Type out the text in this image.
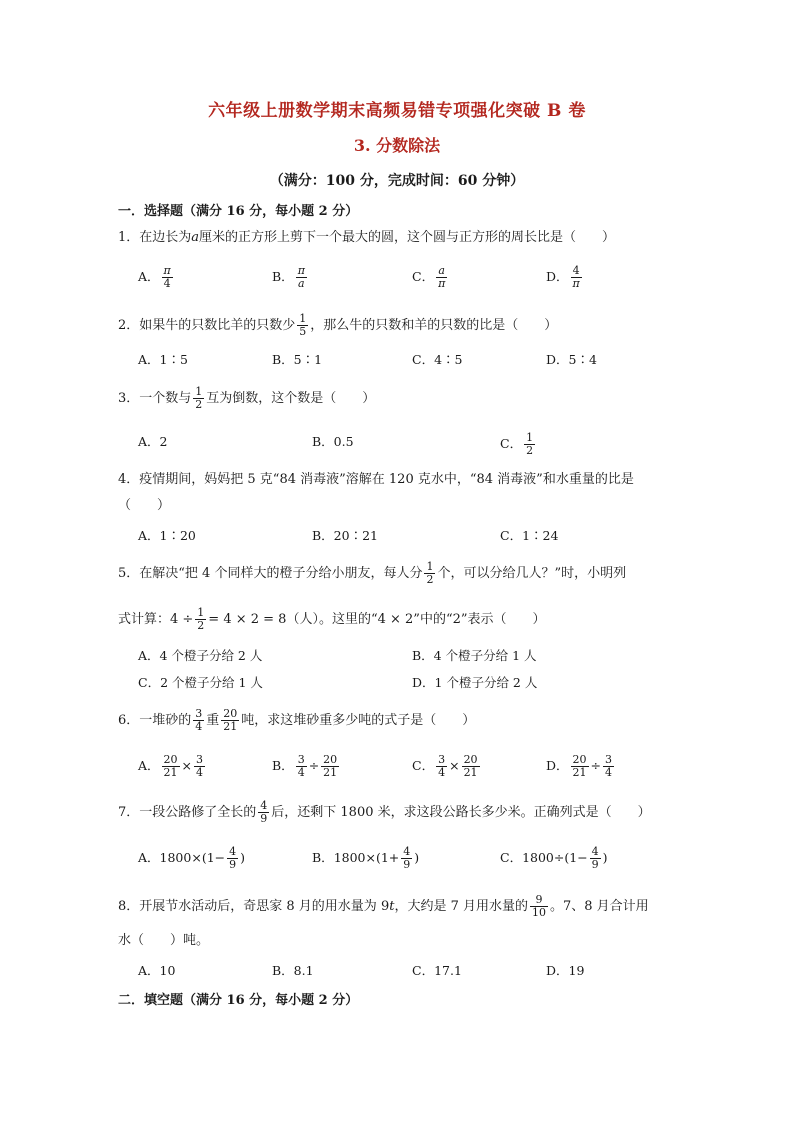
六年级上册数学期末高频易错专项强化突破 B 卷
3. 分数除法
（满分：100 分，完成时间：60 分钟）
一．选择题（满分 16 分，每小题 2 分）
1．在边长为a厘米的正方形上剪下一个最大的圆，这个圆与正方形的周长比是（　　）
A． $\frac{\pi}{4}$	B． $\frac{\pi}{a}$	C． $\frac{a}{\pi}$	D． $\frac{4}{\pi}$
2．如果牛的只数比羊的只数少 $\frac{1}{5}$ ，那么牛的只数和羊的只数的比是（　　）
A．1∶5	B．5∶1	C．4∶5	D．5∶4
3．一个数与 $\frac{1}{2}$ 互为倒数，这个数是（　　）
A．2	B．0.5	C． $\frac{1}{2}$
4．疫情期间，妈妈把 5 克“84 消毒液”溶解在 120 克水中，“84 消毒液”和水重量的比是
（　　）
A．1∶20	B．20∶21	C．1∶24
5．在解决“把 4 个同样大的橙子分给小朋友，每人分 $\frac{1}{2}$ 个，可以分给几人？”时，小明列
式计算：$4 \div \frac{1}{2} = 4 \times 2 = 8$（人）。这里的“4 × 2”中的“2”表示（　　）
A．4 个橙子分给 2 人	B．4 个橙子分给 1 人
C．2 个橙子分给 1 人	D．1 个橙子分给 2 人
6．一堆砂的 $\frac{3}{4}$ 重 $\frac{20}{21}$ 吨，求这堆砂重多少吨的式子是（　　）
A． $\frac{20}{21} \times \frac{3}{4}$	B． $\frac{3}{4} \div \frac{20}{21}$	C． $\frac{3}{4} \times \frac{20}{21}$	D． $\frac{20}{21} \div \frac{3}{4}$
7．一段公路修了全长的 $\frac{4}{9}$ 后，还剩下 1800 米，求这段公路长多少米。正确列式是（　　）
A．$1800\times(1- \frac{4}{9}$ )	B．$1800\times(1+ \frac{4}{9}$ )	C．$1800\div(1- \frac{4}{9}$ )
8．开展节水活动后，奇思家 8 月的用水量为 9t，大约是 7 月用水量的 $\frac{9}{10}$ 。7、8 月合计用
水（　　）吨。
A．10	B．8.1	C．17.1	D．19
二．填空题（满分 16 分，每小题 2 分）
